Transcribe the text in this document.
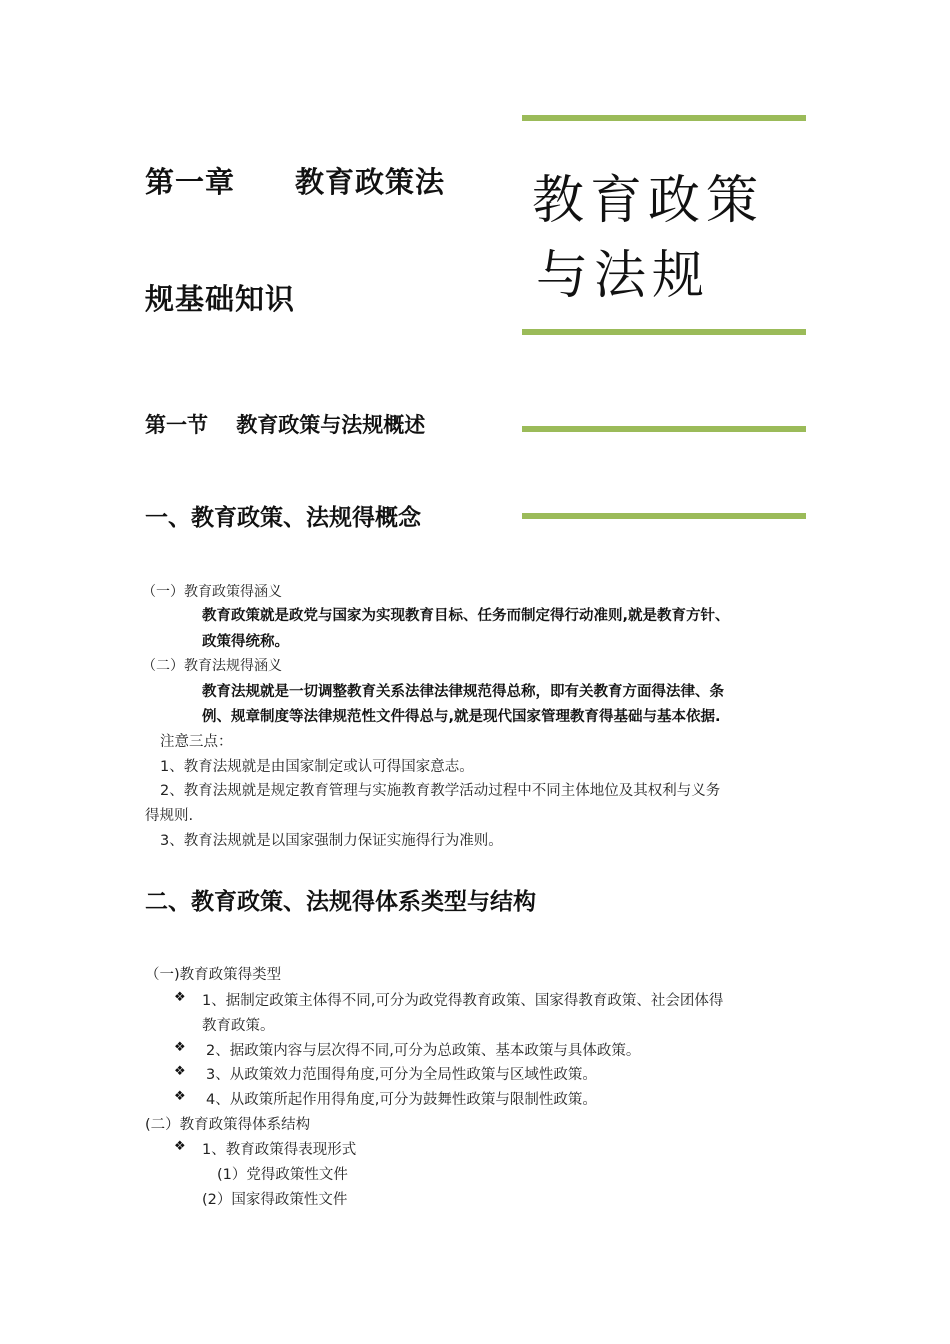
第一章　　教育政策法
规基础知识
教育政策
与法规
第一节　 教育政策与法规概述
一、教育政策、法规得概念
（一）教育政策得涵义
教育政策就是政党与国家为实现教育目标、任务而制定得行动准则,就是教育方针、
政策得统称。
（二）教育法规得涵义
教育法规就是一切调整教育关系法律法律规范得总称，即有关教育方面得法律、条
例、规章制度等法律规范性文件得总与,就是现代国家管理教育得基础与基本依据.
注意三点：
1、教育法规就是由国家制定或认可得国家意志。
2、教育法规就是规定教育管理与实施教育教学活动过程中不同主体地位及其权利与义务
得规则.
3、教育法规就是以国家强制力保证实施得行为准则。
二、教育政策、法规得体系类型与结构
（一)教育政策得类型
❖ 1、据制定政策主体得不同,可分为政党得教育政策、国家得教育政策、社会团体得
教育政策。
❖ 2、据政策内容与层次得不同,可分为总政策、基本政策与具体政策。
❖ 3、从政策效力范围得角度,可分为全局性政策与区域性政策。
❖ 4、从政策所起作用得角度,可分为鼓舞性政策与限制性政策。
(二）教育政策得体系结构
❖ 1、教育政策得表现形式
(1）党得政策性文件
(2）国家得政策性文件
